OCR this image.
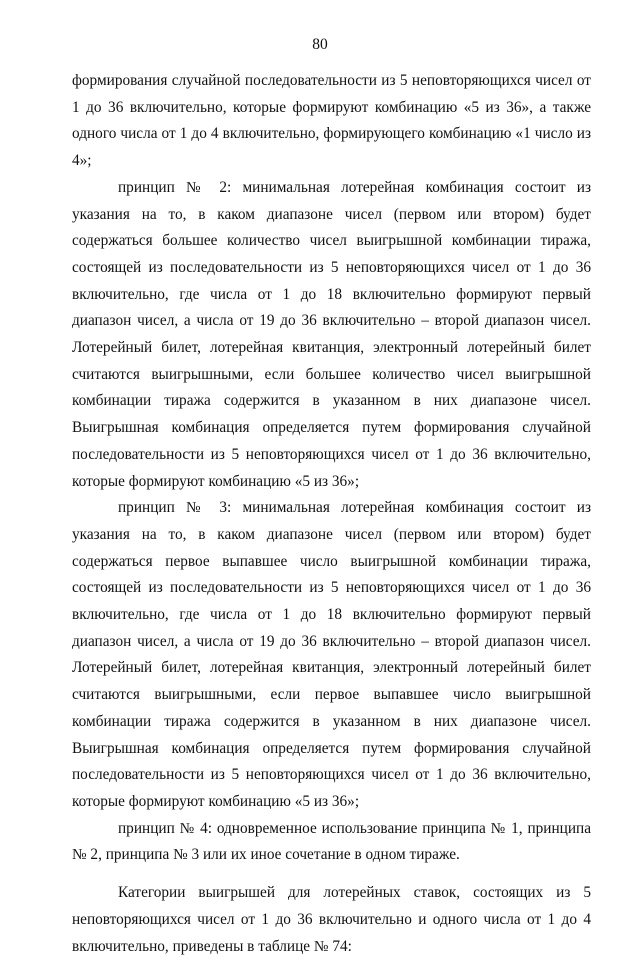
80

формирования случайной последовательности из 5 неповторяющихся чисел от 1 до 36 включительно, которые формируют комбинацию «5 из 36», а также одного числа от 1 до 4 включительно, формирующего комбинацию «1 число из 4»;

принцип № 2: минимальная лотерейная комбинация состоит из указания на то, в каком диапазоне чисел (первом или втором) будет содержаться большее количество чисел выигрышной комбинации тиража, состоящей из последовательности из 5 неповторяющихся чисел от 1 до 36 включительно, где числа от 1 до 18 включительно формируют первый диапазон чисел, а числа от 19 до 36 включительно – второй диапазон чисел. Лотерейный билет, лотерейная квитанция, электронный лотерейный билет считаются выигрышными, если большее количество чисел выигрышной комбинации тиража содержится в указанном в них диапазоне чисел. Выигрышная комбинация определяется путем формирования случайной последовательности из 5 неповторяющихся чисел от 1 до 36 включительно, которые формируют комбинацию «5 из 36»;

принцип № 3: минимальная лотерейная комбинация состоит из указания на то, в каком диапазоне чисел (первом или втором) будет содержаться первое выпавшее число выигрышной комбинации тиража, состоящей из последовательности из 5 неповторяющихся чисел от 1 до 36 включительно, где числа от 1 до 18 включительно формируют первый диапазон чисел, а числа от 19 до 36 включительно – второй диапазон чисел. Лотерейный билет, лотерейная квитанция, электронный лотерейный билет считаются выигрышными, если первое выпавшее число выигрышной комбинации тиража содержится в указанном в них диапазоне чисел. Выигрышная комбинация определяется путем формирования случайной последовательности из 5 неповторяющихся чисел от 1 до 36 включительно, которые формируют комбинацию «5 из 36»;

принцип № 4: одновременное использование принципа № 1, принципа № 2, принципа № 3 или их иное сочетание в одном тираже.

Категории выигрышей для лотерейных ставок, состоящих из 5 неповторяющихся чисел от 1 до 36 включительно и одного числа от 1 до 4 включительно, приведены в таблице № 74:
